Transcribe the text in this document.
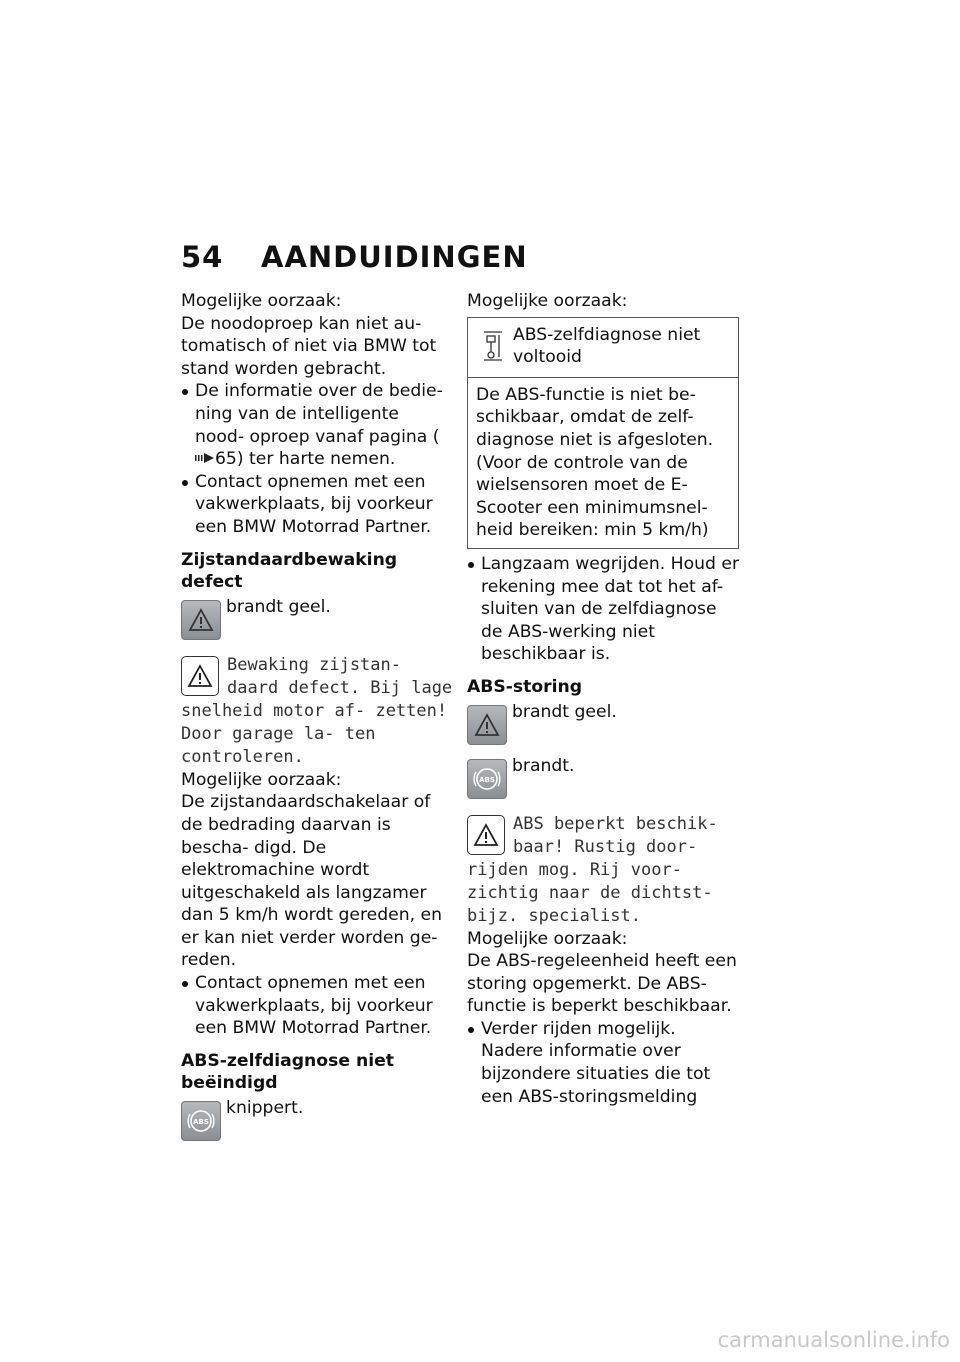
54 AANDUIDINGEN

Mogelijke oorzaak:

De noodoproep kan niet au- tomatisch of niet via BMW tot stand worden gebracht.

De informatie over de bedie- ning van de intelligente nood- oproep vanaf pagina (65) ter harte nemen.

Contact opnemen met een vakwerkplaats, bij voorkeur een BMW Motorrad Partner.

Zijstandaardbewaking defect

brandt geel.
Bewaking zijstan- daard defect. Bij lage snelheid motor af- zetten! Door garage la- ten controleren.

Mogelijke oorzaak:

De zijstandaardschakelaar of de bedrading daarvan is bescha- digd. De elektromachine wordt uitgeschakeld als langzamer dan 5 km/h wordt gereden, en er kan niet verder worden ge- reden.

Contact opnemen met een vakwerkplaats, bij voorkeur een BMW Motorrad Partner.

ABS-zelfdiagnose niet beëindigd

ABS
knippert.

Mogelijke oorzaak:

ABS-zelfdiagnose niet voltooid
De ABS-functie is niet be- schikbaar, omdat de zelf- diagnose niet is afgesloten. (Voor de controle van de wielsensoren moet de E- Scooter een minimumsnel- heid bereiken: min 5 km/h)

Langzaam wegrijden. Houd er rekening mee dat tot het af- sluiten van de zelfdiagnose de ABS-werking niet beschikbaar is.

ABS-storing

brandt geel.
ABS
brandt.
ABS beperkt beschik- baar! Rustig door- rijden mog. Rij voor- zichtig naar de dichtst- bijz. specialist.

Mogelijke oorzaak:

De ABS-regeleenheid heeft een storing opgemerkt. De ABS- functie is beperkt beschikbaar.

Verder rijden mogelijk. Nadere informatie over bijzondere situaties die tot een ABS-storingsmelding

carmanualsonline.info
